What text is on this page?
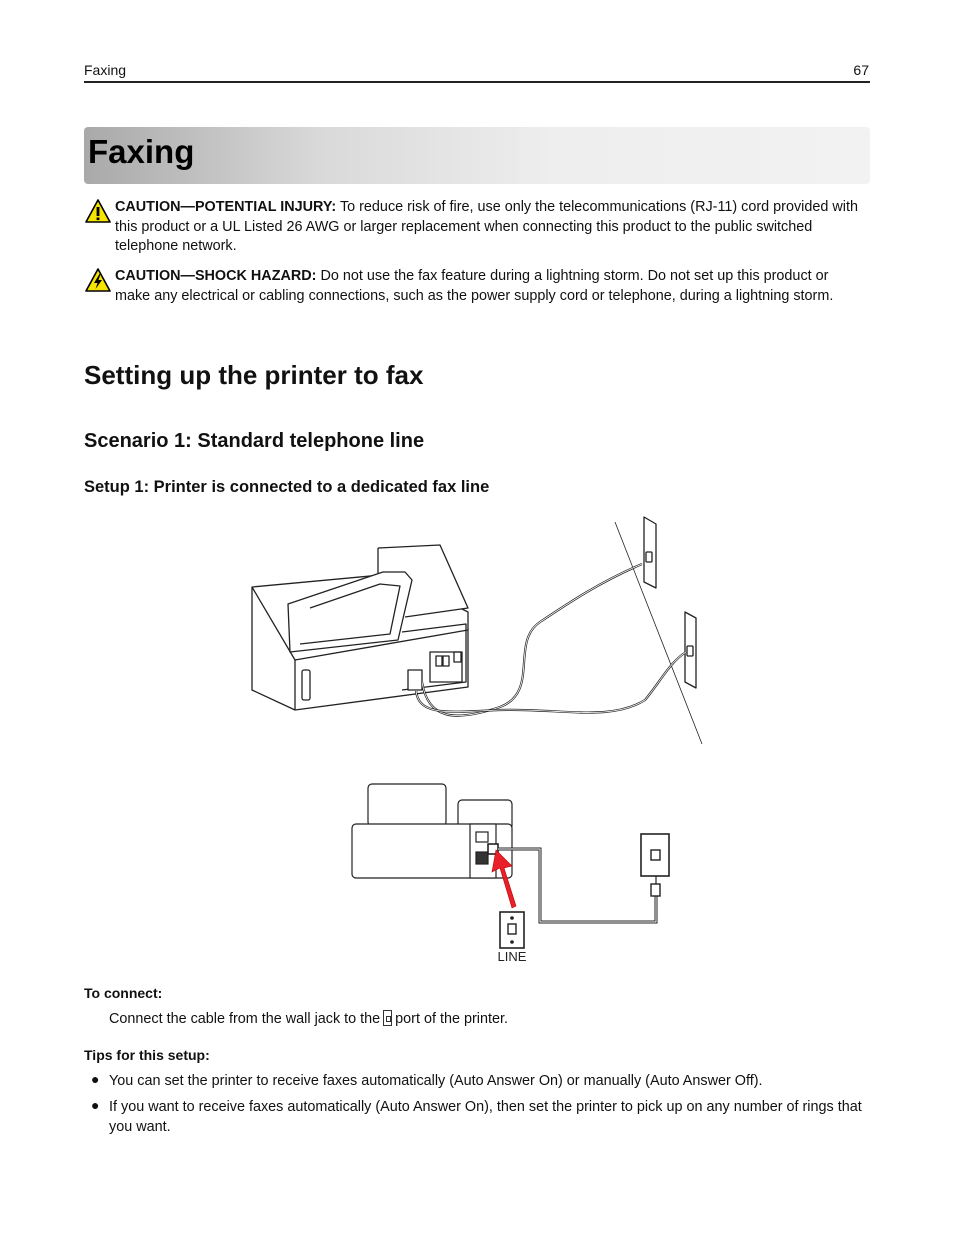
Faxing	67
Faxing
CAUTION—POTENTIAL INJURY: To reduce risk of fire, use only the telecommunications (RJ-11) cord provided with this product or a UL Listed 26 AWG or larger replacement when connecting this product to the public switched telephone network.
CAUTION—SHOCK HAZARD: Do not use the fax feature during a lightning storm. Do not set up this product or make any electrical or cabling connections, such as the power supply cord or telephone, during a lightning storm.
Setting up the printer to fax
Scenario 1: Standard telephone line
Setup 1: Printer is connected to a dedicated fax line
LINE
To connect:
Connect the cable from the wall jack to the port of the printer.
Tips for this setup:
● You can set the printer to receive faxes automatically (Auto Answer On) or manually (Auto Answer Off).
● If you want to receive faxes automatically (Auto Answer On), then set the printer to pick up on any number of rings that you want.
